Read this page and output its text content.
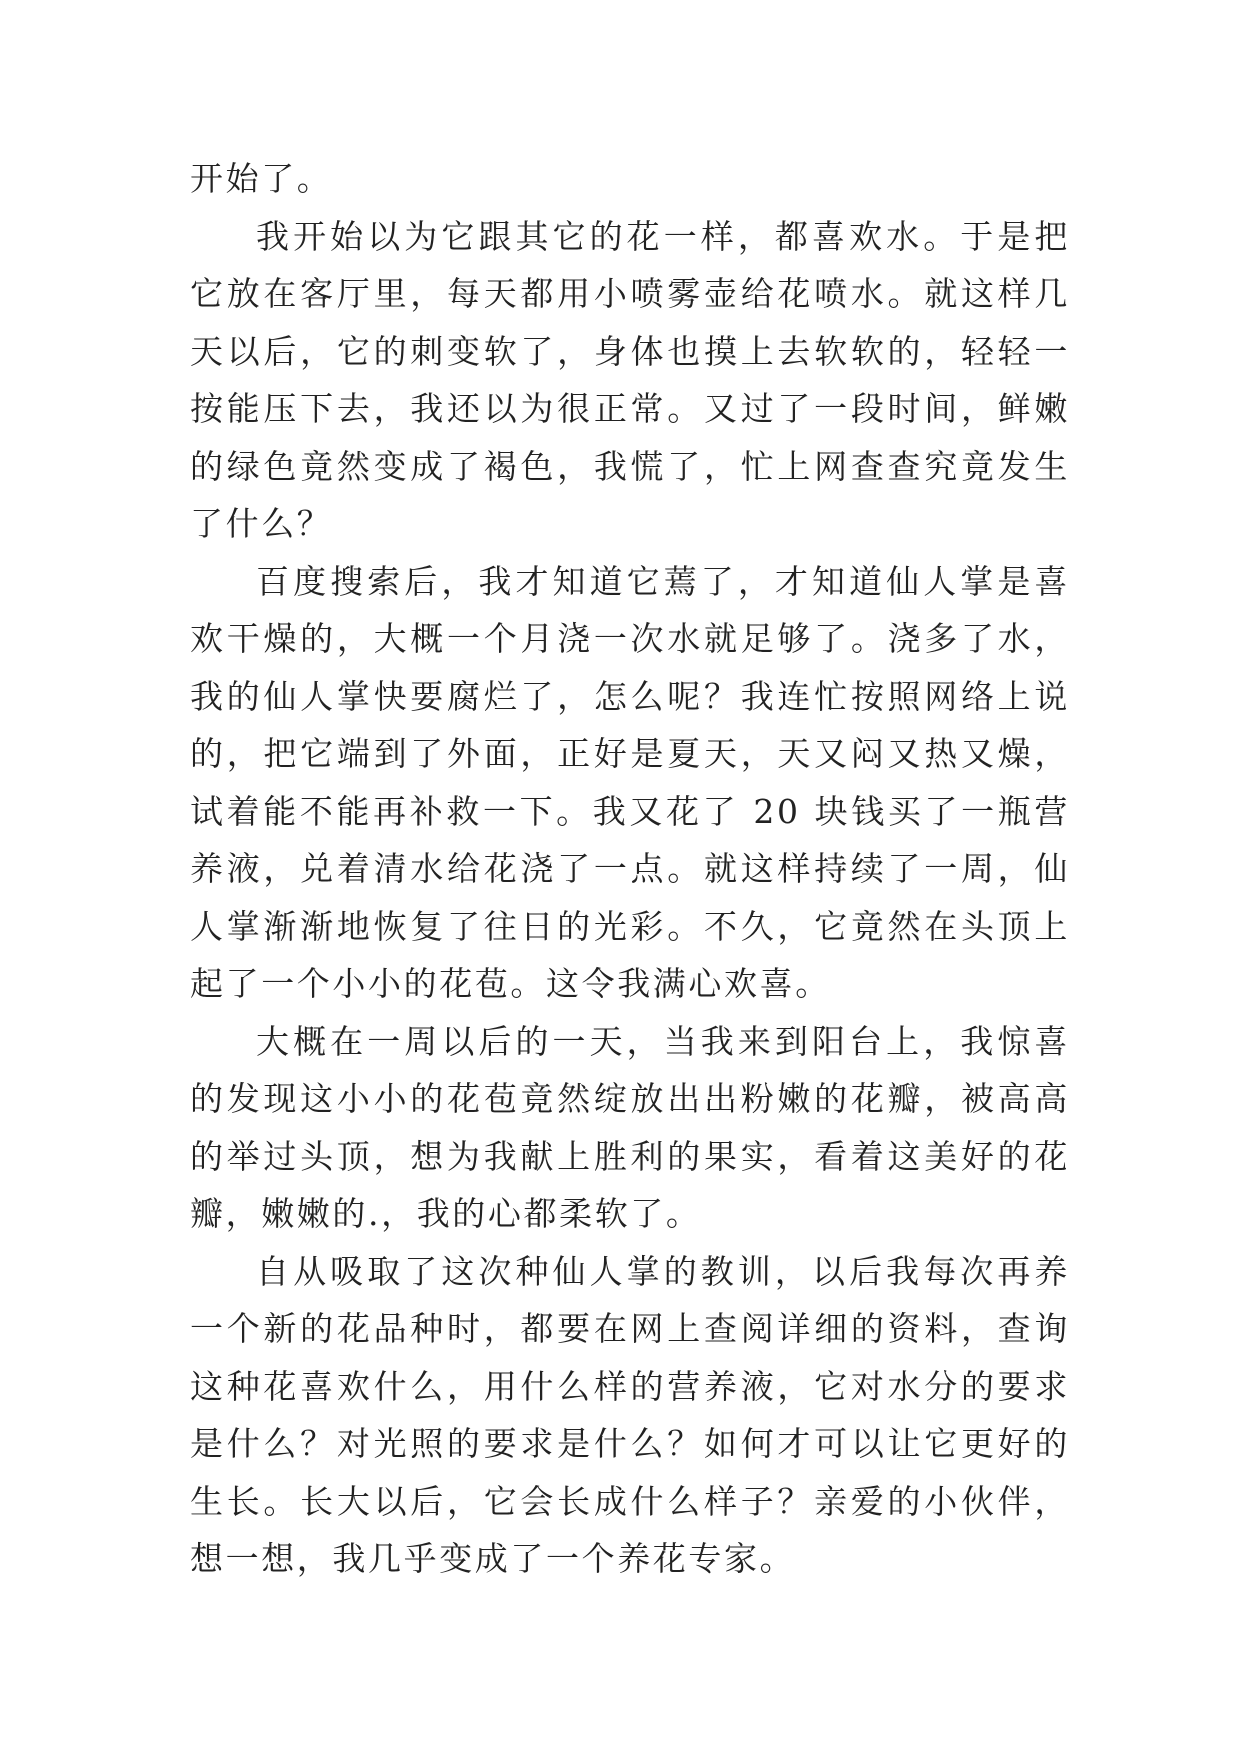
开始了。

我开始以为它跟其它的花一样，都喜欢水。于是把它放在客厅里，每天都用小喷雾壶给花喷水。就这样几天以后，它的刺变软了，身体也摸上去软软的，轻轻一按能压下去，我还以为很正常。又过了一段时间，鲜嫩的绿色竟然变成了褐色，我慌了，忙上网查查究竟发生了什么？

百度搜索后，我才知道它蔫了，才知道仙人掌是喜欢干燥的，大概一个月浇一次水就足够了。浇多了水，我的仙人掌快要腐烂了，怎么呢？我连忙按照网络上说的，把它端到了外面，正好是夏天，天又闷又热又燥，试着能不能再补救一下。我又花了 20 块钱买了一瓶营养液，兑着清水给花浇了一点。就这样持续了一周，仙人掌渐渐地恢复了往日的光彩。不久，它竟然在头顶上起了一个小小的花苞。这令我满心欢喜。

大概在一周以后的一天，当我来到阳台上，我惊喜的发现这小小的花苞竟然绽放出出粉嫩的花瓣，被高高的举过头顶，想为我献上胜利的果实，看着这美好的花瓣，嫩嫩的.，我的心都柔软了。

自从吸取了这次种仙人掌的教训，以后我每次再养一个新的花品种时，都要在网上查阅详细的资料，查询这种花喜欢什么，用什么样的营养液，它对水分的要求是什么？对光照的要求是什么？如何才可以让它更好的生长。长大以后，它会长成什么样子？亲爱的小伙伴，想一想，我几乎变成了一个养花专家。
